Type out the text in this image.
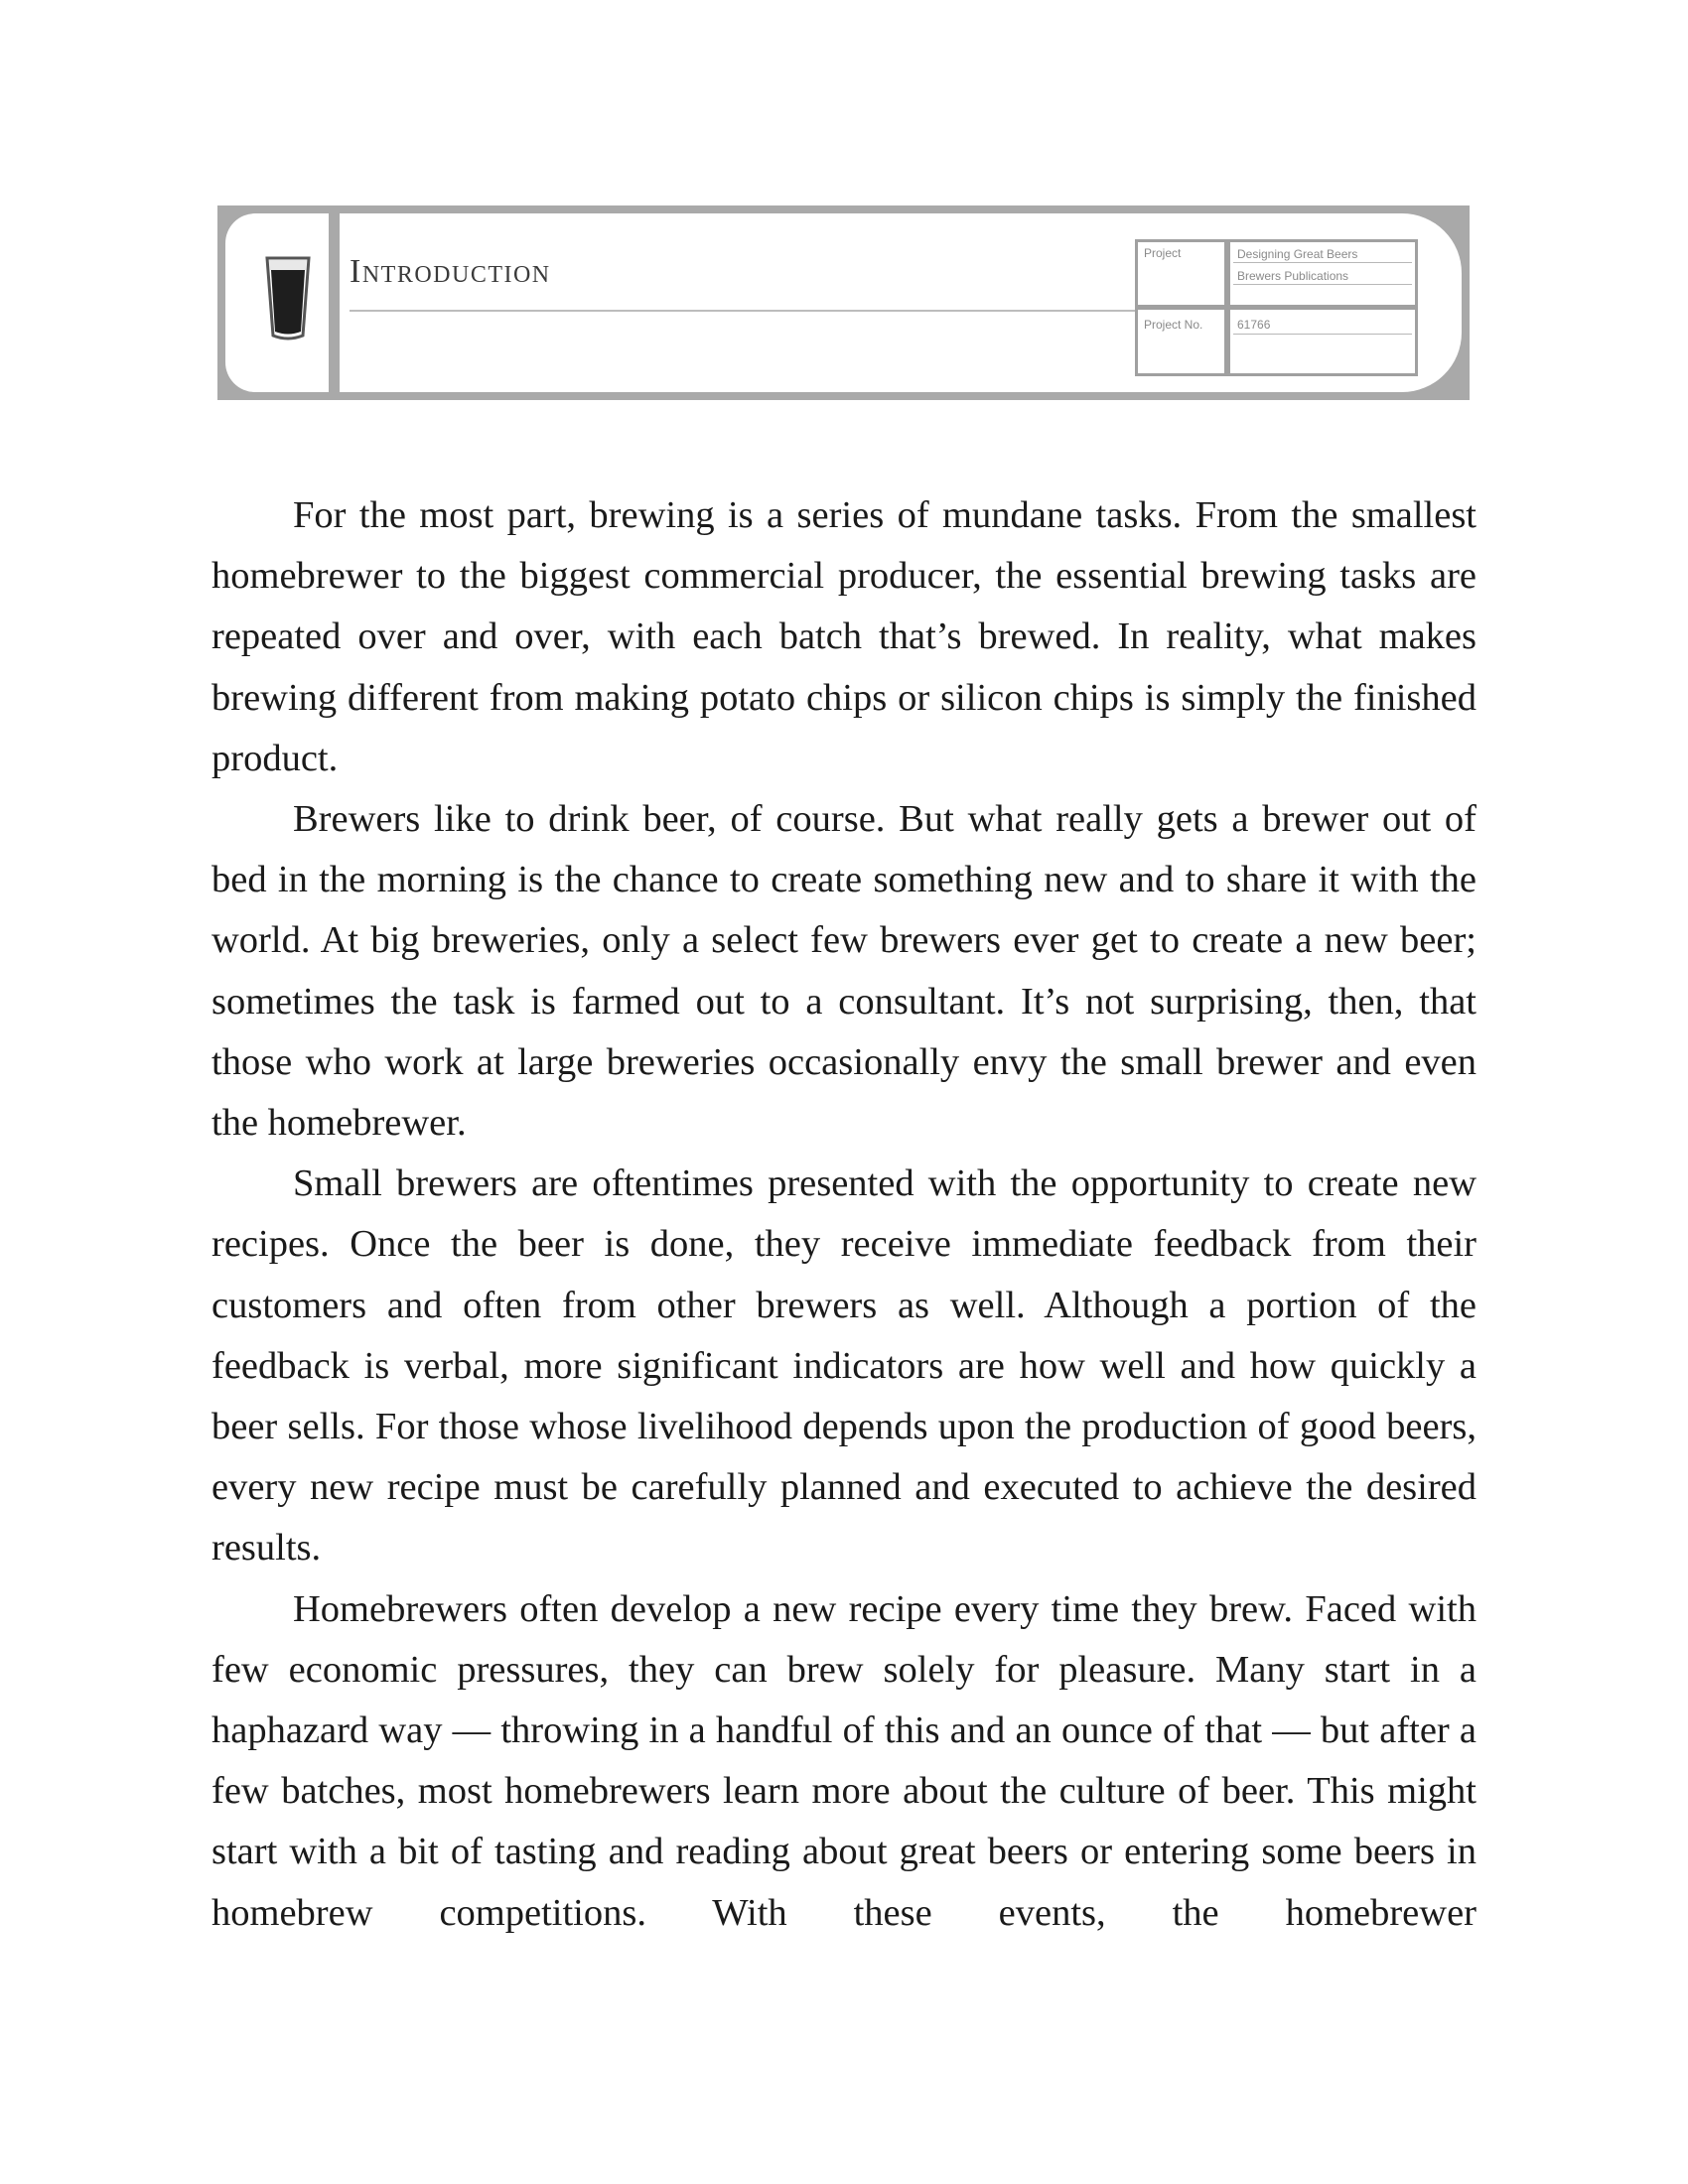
Introduction	Project	Designing Great Beers
Brewers Publications
Project No.	61766

For the most part, brewing is a series of mundane tasks. From the smallest homebrewer to the biggest commercial producer, the essential brewing tasks are repeated over and over, with each batch that’s brewed. In reality, what makes brewing different from making potato chips or silicon chips is simply the finished product.

Brewers like to drink beer, of course. But what really gets a brewer out of bed in the morning is the chance to create something new and to share it with the world. At big breweries, only a select few brewers ever get to create a new beer; sometimes the task is farmed out to a consultant. It’s not surprising, then, that those who work at large breweries occasionally envy the small brewer and even the homebrewer.

Small brewers are oftentimes presented with the opportunity to create new recipes. Once the beer is done, they receive immediate feedback from their customers and often from other brewers as well. Although a portion of the feedback is verbal, more significant indicators are how well and how quickly a beer sells. For those whose livelihood depends upon the production of good beers, every new recipe must be carefully planned and executed to achieve the desired results.

Homebrewers often develop a new recipe every time they brew. Faced with few economic pressures, they can brew solely for pleasure. Many start in a haphazard way — throwing in a handful of this and an ounce of that — but after a few batches, most homebrewers learn more about the culture of beer. This might start with a bit of tasting and reading about great beers or entering some beers in homebrew competitions. With these events, the homebrewer
